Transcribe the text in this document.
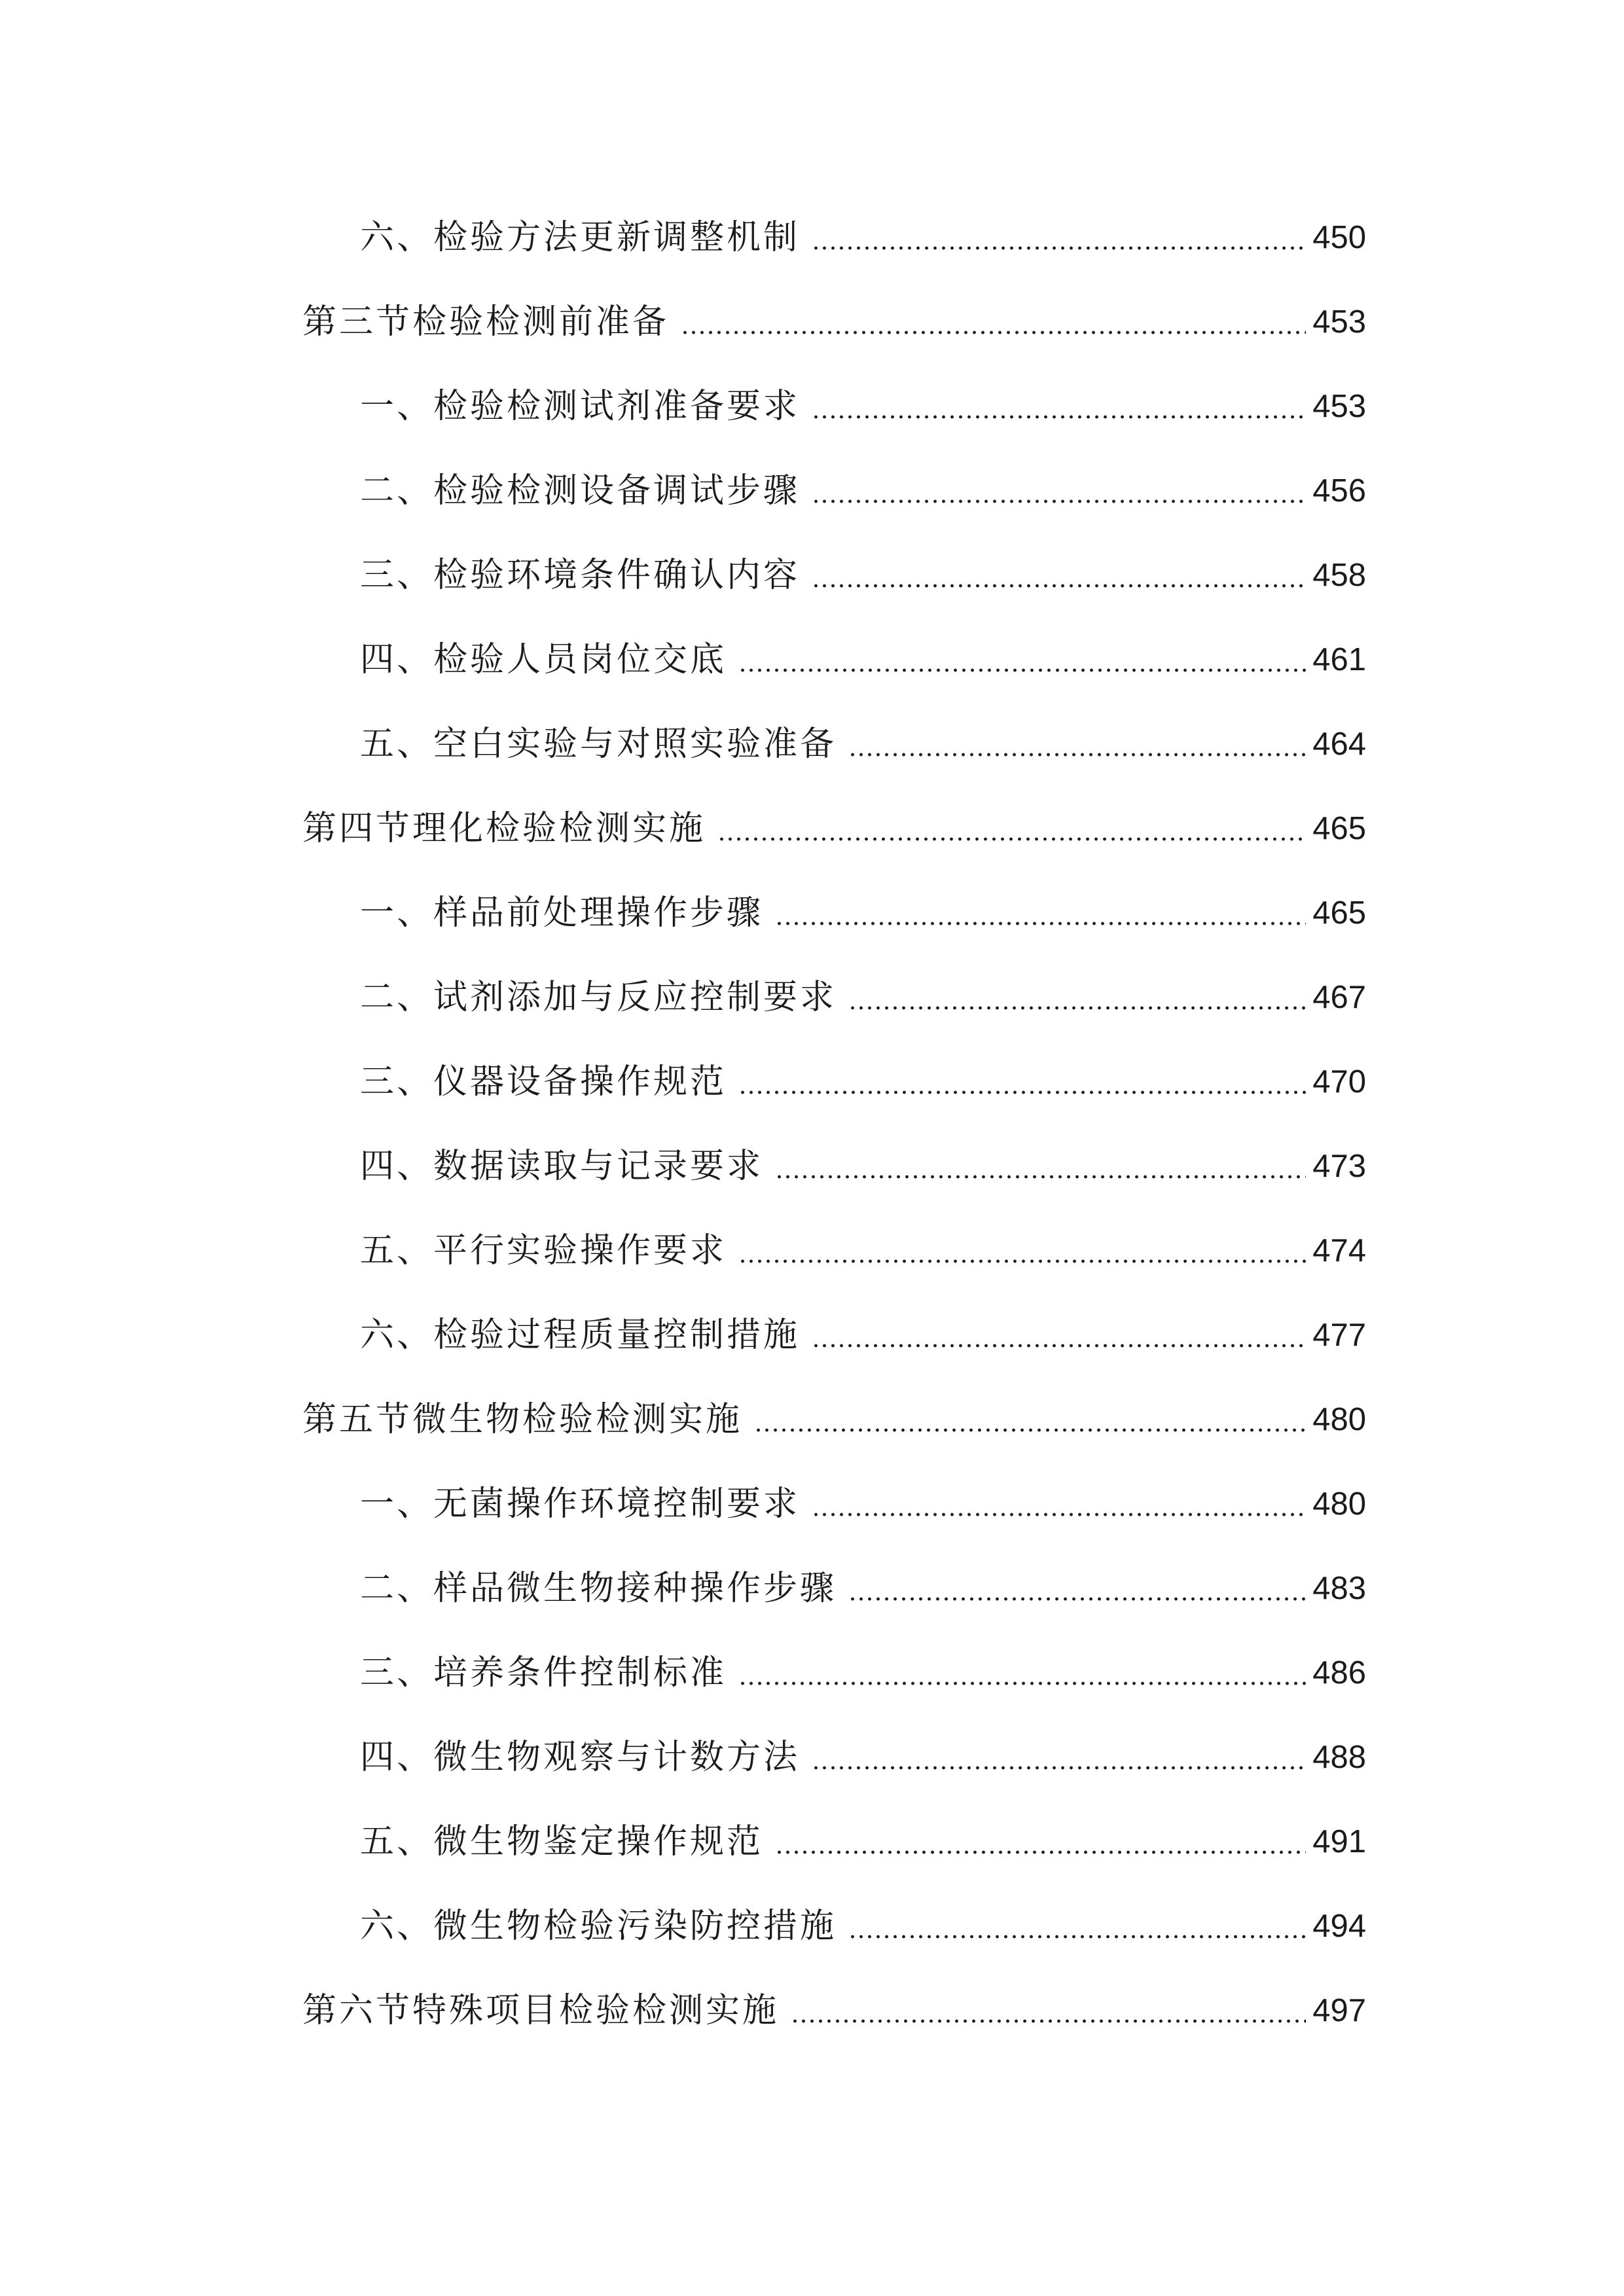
六、检验方法更新调整机制	450
第三节检验检测前准备	453
一、检验检测试剂准备要求	453
二、检验检测设备调试步骤	456
三、检验环境条件确认内容	458
四、检验人员岗位交底	461
五、空白实验与对照实验准备	464
第四节理化检验检测实施	465
一、样品前处理操作步骤	465
二、试剂添加与反应控制要求	467
三、仪器设备操作规范	470
四、数据读取与记录要求	473
五、平行实验操作要求	474
六、检验过程质量控制措施	477
第五节微生物检验检测实施	480
一、无菌操作环境控制要求	480
二、样品微生物接种操作步骤	483
三、培养条件控制标准	486
四、微生物观察与计数方法	488
五、微生物鉴定操作规范	491
六、微生物检验污染防控措施	494
第六节特殊项目检验检测实施	497
